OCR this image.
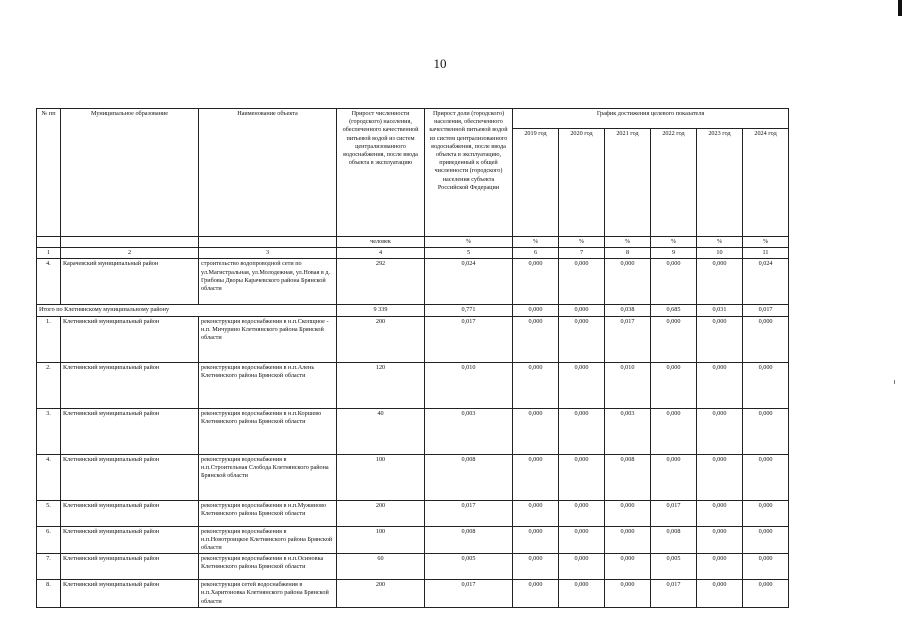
10
№ пп	Муниципальное образование	Наименование объекта	Прирост численности (городского) населения, обеспеченного качественной питьевой водой из систем централизованного водоснабжения, после ввода объекта в эксплуатацию	Прирост доли (городского) населения, обеспеченного качественной питьевой водой из систем централизованного водоснабжения, после ввода объекта в эксплуатацию, приведенный к общей численности (городского) населения субъекта Российской Федерации	График достижения целевого показателя					
					2019 год	2020 год	2021 год	2022 год	2023 год	2024 год
			человек	%	%	%	%	%	%	%
1	2	3	4	5	6	7	8	9	10	11
4.	Карачевский муниципальный район	строительство водопроводной сети по ул.Магистральная, ул.Молодежная, ул.Новая в д. Грибовы Дворы Карачевского района Брянской области	292	0,024	0,000	0,000	0,000	0,000	0,000	0,024
Итого по Клетнянскому муниципальному району			9 339	0,771	0,000	0,000	0,038	0,685	0,031	0,017
1.	Клетнянский муниципальный район	реконструкция водоснабжения в н.п.Скопщное - н.п. Мичурино Клетнянского района Брянской области	200	0,017	0,000	0,000	0,017	0,000	0,000	0,000
2.	Клетнянский муниципальный район	реконструкция водоснабжения в н.п.Алень Клетнянского района Брянской области	120	0,010	0,000	0,000	0,010	0,000	0,000	0,000
3.	Клетнянский муниципальный район	реконструкция водоснабжения в н.п.Коршево Клетнянского района Брянской области	40	0,003	0,000	0,000	0,003	0,000	0,000	0,000
4.	Клетнянский муниципальный район	реконструкция водоснабжения в н.п.Строительная Слобода Клетнянского района Брянской области	100	0,008	0,000	0,000	0,008	0,000	0,000	0,000
5.	Клетнянский муниципальный район	реконструкция водоснабжения в н.п.Мужиново Клетнянского района Брянской области	200	0,017	0,000	0,000	0,000	0,017	0,000	0,000
6.	Клетнянский муниципальный район	реконструкция водоснабжения в н.п.Новотроицкое Клетнянского района Брянской области	100	0,008	0,000	0,000	0,000	0,008	0,000	0,000
7.	Клетнянский муниципальный район	реконструкция водоснабжения в н.п.Осиновка Клетнянского района Брянской области	60	0,005	0,000	0,000	0,000	0,005	0,000	0,000
8.	Клетнянский муниципальный район	реконструкция сетей водоснабжения в н.п.Харитоновка Клетнянского района Брянской области	200	0,017	0,000	0,000	0,000	0,017	0,000	0,000
